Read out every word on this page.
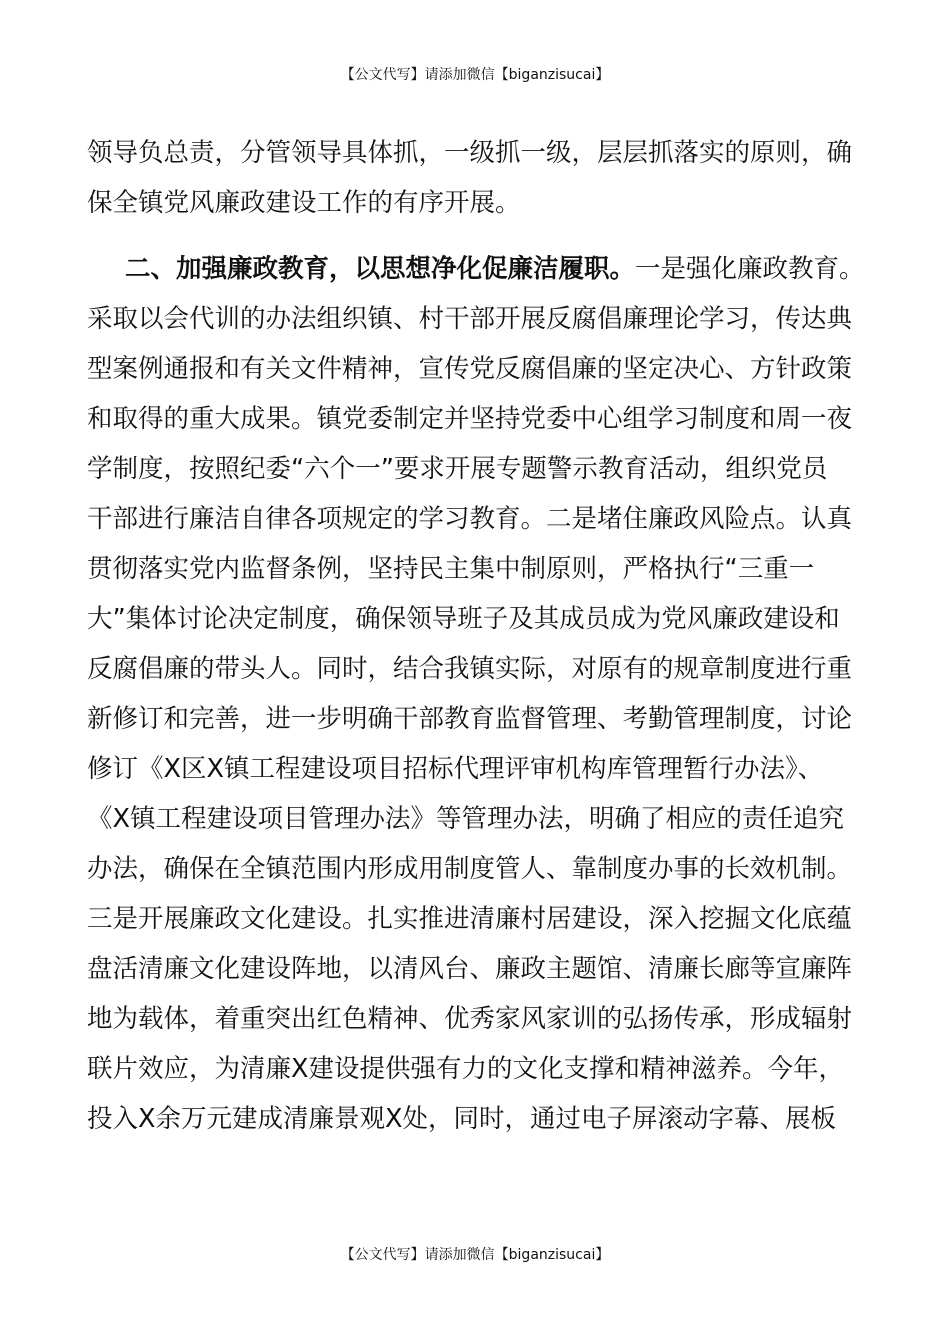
【公文代写】请添加微信【biganzisucai】
领导负总责，分管领导具体抓，一级抓一级，层层抓落实的原则，确
保全镇党风廉政建设工作的有序开展。
二、加强廉政教育，以思想净化促廉洁履职。一是强化廉政教育。
采取以会代训的办法组织镇、村干部开展反腐倡廉理论学习，传达典
型案例通报和有关文件精神，宣传党反腐倡廉的坚定决心、方针政策
和取得的重大成果。镇党委制定并坚持党委中心组学习制度和周一夜
学制度，按照纪委“六个一”要求开展专题警示教育活动，组织党员
干部进行廉洁自律各项规定的学习教育。二是堵住廉政风险点。认真
贯彻落实党内监督条例，坚持民主集中制原则，严格执行“三重一
大”集体讨论决定制度，确保领导班子及其成员成为党风廉政建设和
反腐倡廉的带头人。同时，结合我镇实际，对原有的规章制度进行重
新修订和完善，进一步明确干部教育监督管理、考勤管理制度，讨论
修订《X区X镇工程建设项目招标代理评审机构库管理暂行办法》、
《X镇工程建设项目管理办法》等管理办法，明确了相应的责任追究
办法，确保在全镇范围内形成用制度管人、靠制度办事的长效机制。
三是开展廉政文化建设。扎实推进清廉村居建设，深入挖掘文化底蕴
盘活清廉文化建设阵地，以清风台、廉政主题馆、清廉长廊等宣廉阵
地为载体，着重突出红色精神、优秀家风家训的弘扬传承，形成辐射
联片效应，为清廉X建设提供强有力的文化支撑和精神滋养。今年，
投入X余万元建成清廉景观X处，同时，通过电子屏滚动字幕、展板
【公文代写】请添加微信【biganzisucai】
